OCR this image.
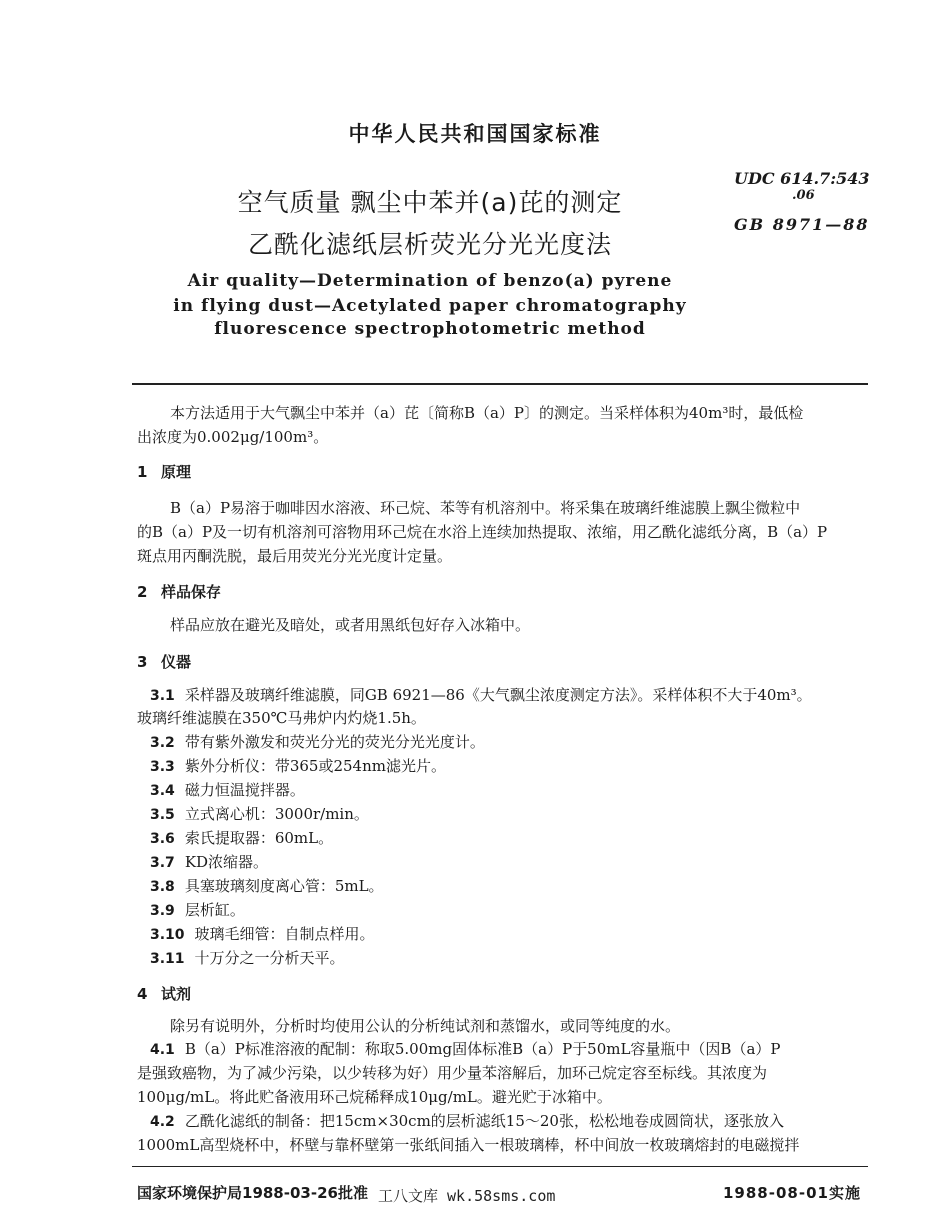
中华人民共和国国家标准
空气质量 飘尘中苯并(a)芘的测定
乙酰化滤纸层析荧光分光光度法
UDC 614.7:543
.06
GB 8971—88
Air quality—Determination of benzo(a) pyrene
in flying dust—Acetylated paper chromatography
fluorescence spectrophotometric method
本方法适用于大气飘尘中苯并（a）芘〔简称B（a）P〕的测定。当采样体积为40m³时，最低检
出浓度为0.002μg/100m³。
1 原理
B（a）P易溶于咖啡因水溶液、环己烷、苯等有机溶剂中。将采集在玻璃纤维滤膜上飘尘微粒中
的B（a）P及一切有机溶剂可溶物用环己烷在水浴上连续加热提取、浓缩，用乙酰化滤纸分离，B（a）P
斑点用丙酮洗脱，最后用荧光分光光度计定量。
2 样品保存
样品应放在避光及暗处，或者用黑纸包好存入冰箱中。
3 仪器
3.1 采样器及玻璃纤维滤膜，同GB 6921—86《大气飘尘浓度测定方法》。采样体积不大于40m³。
玻璃纤维滤膜在350℃马弗炉内灼烧1.5h。
3.2 带有紫外激发和荧光分光的荧光分光光度计。
3.3 紫外分析仪：带365或254nm滤光片。
3.4 磁力恒温搅拌器。
3.5 立式离心机：3000r/min。
3.6 索氏提取器：60mL。
3.7 KD浓缩器。
3.8 具塞玻璃刻度离心管：5mL。
3.9 层析缸。
3.10 玻璃毛细管：自制点样用。
3.11 十万分之一分析天平。
4 试剂
除另有说明外，分析时均使用公认的分析纯试剂和蒸馏水，或同等纯度的水。
4.1 B（a）P标准溶液的配制：称取5.00mg固体标准B（a）P于50mL容量瓶中（因B（a）P
是强致癌物，为了减少污染，以少转移为好）用少量苯溶解后，加环己烷定容至标线。其浓度为
100μg/mL。将此贮备液用环己烷稀释成10μg/mL。避光贮于冰箱中。
4.2 乙酰化滤纸的制备：把15cm×30cm的层析滤纸15～20张，松松地卷成圆筒状，逐张放入
1000mL高型烧杯中，杯壁与靠杯壁第一张纸间插入一根玻璃棒，杯中间放一枚玻璃熔封的电磁搅拌
国家环境保护局1988-03-26批准 工八文库 wk.58sms.com	1988-08-01实施
